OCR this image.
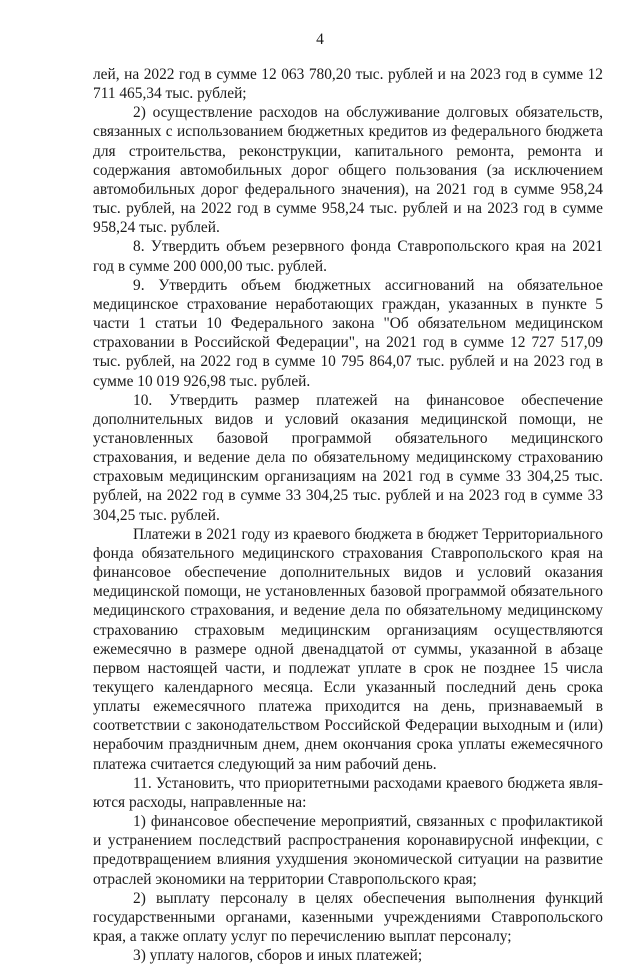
4

лей, на 2022 год в сумме 12 063 780,20 тыс. рублей и на 2023 год в сумме 12 711 465,34 тыс. рублей;

2) осуществление расходов на обслуживание долговых обязательств, связанных с использованием бюджетных кредитов из федерального бюджета для строительства, реконструкции, капитального ремонта, ремонта и содержания автомобильных дорог общего пользования (за исключением автомобильных дорог федерального значения), на 2021 год в сумме 958,24 тыс. рублей, на 2022 год в сумме 958,24 тыс. рублей и на 2023 год в сумме 958,24 тыс. рублей.

8. Утвердить объем резервного фонда Ставропольского края на 2021 год в сумме 200 000,00 тыс. рублей.

9. Утвердить объем бюджетных ассигнований на обязательное медицинское страхование неработающих граждан, указанных в пункте 5 части 1 статьи 10 Федерального закона "Об обязательном медицинском страховании в Российской Федерации", на 2021 год в сумме 12 727 517,09 тыс. рублей, на 2022 год в сумме 10 795 864,07 тыс. рублей и на 2023 год в сумме 10 019 926,98 тыс. рублей.

10. Утвердить размер платежей на финансовое обеспечение дополнительных видов и условий оказания медицинской помощи, не установленных базовой программой обязательного медицинского страхования, и ведение дела по обязательному медицинскому страхованию страховым медицинским организациям на 2021 год в сумме 33 304,25 тыс. рублей, на 2022 год в сумме 33 304,25 тыс. рублей и на 2023 год в сумме 33 304,25 тыс. рублей.

Платежи в 2021 году из краевого бюджета в бюджет Территориального фонда обязательного медицинского страхования Ставропольского края на финансовое обеспечение дополнительных видов и условий оказания медицинской помощи, не установленных базовой программой обязательного медицинского страхования, и ведение дела по обязательному медицинскому страхованию страховым медицинским организациям осуществляются ежемесячно в размере одной двенадцатой от суммы, указанной в абзаце первом настоящей части, и подлежат уплате в срок не позднее 15 числа текущего календарного месяца. Если указанный последний день срока уплаты ежемесячного платежа приходится на день, признаваемый в соответствии с законодательством Российской Федерации выходным и (или) нерабочим праздничным днем, днем окончания срока уплаты ежемесячного платежа считается следующий за ним рабочий день.

11. Установить, что приоритетными расходами краевого бюджета являются расходы, направленные на:

1) финансовое обеспечение мероприятий, связанных с профилактикой и устранением последствий распространения коронавирусной инфекции, с предотвращением влияния ухудшения экономической ситуации на развитие отраслей экономики на территории Ставропольского края;

2) выплату персоналу в целях обеспечения выполнения функций государственными органами, казенными учреждениями Ставропольского края, а также оплату услуг по перечислению выплат персоналу;

3) уплату налогов, сборов и иных платежей;
